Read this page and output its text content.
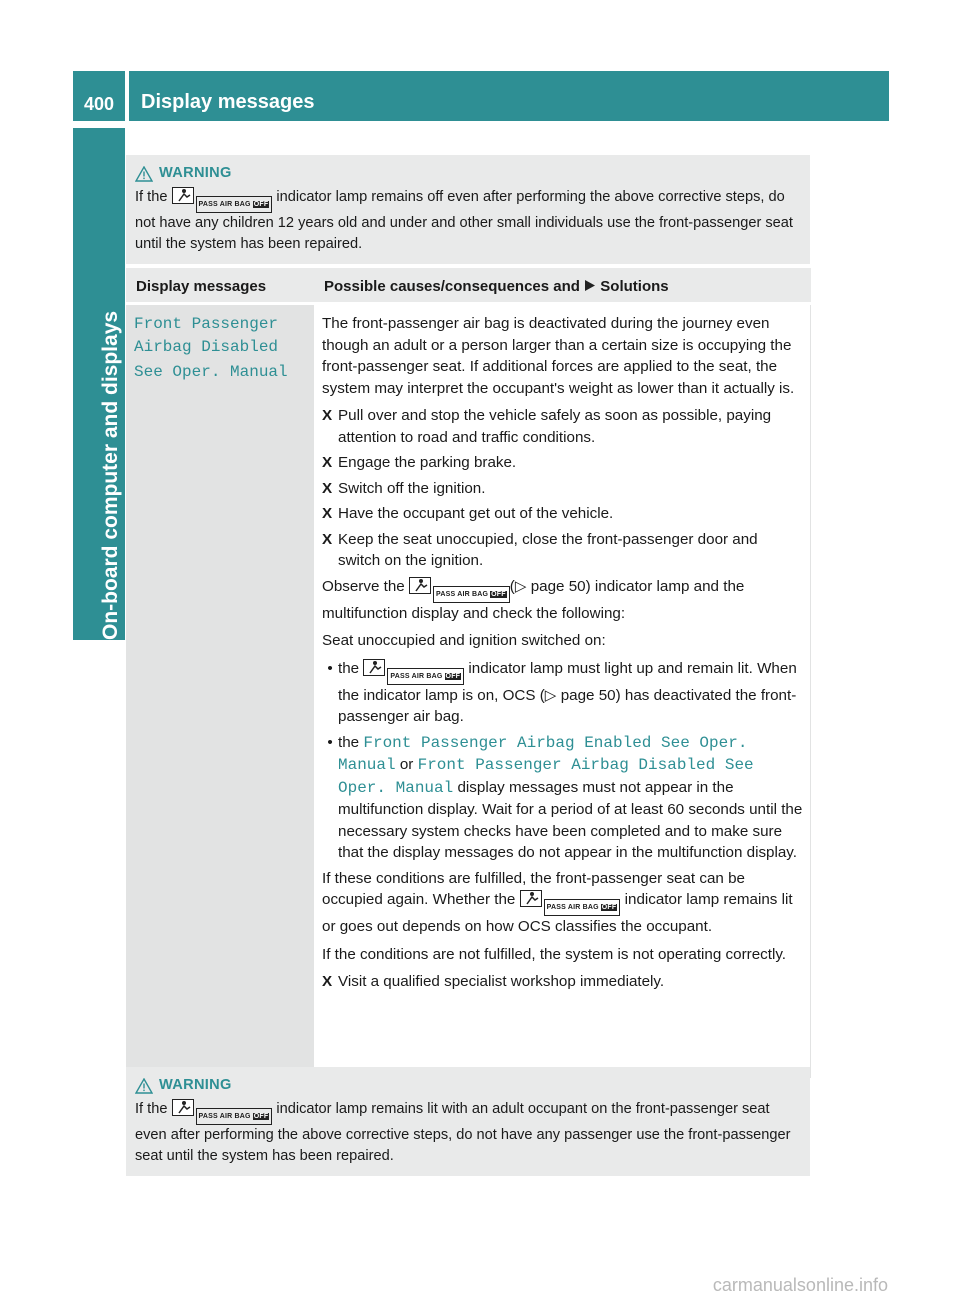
400	Display messages
On-board computer and displays
WARNING
If the	PASS AIR BAG OFF indicator lamp remains off even after performing the above corrective steps, do not have any children 12 years old and under and other small individuals use the front-passenger seat until the system has been repaired.
Display messages	Possible causes/consequences and Solutions
Front Passenger
Airbag Disabled
See Oper. Manual

The front-passenger air bag is deactivated during the journey even though an adult or a person larger than a certain size is occupying the front-passenger seat. If additional forces are applied to the seat, the system may interpret the occupant's weight as lower than it actually is.

X Pull over and stop the vehicle safely as soon as possible, paying attention to road and traffic conditions.
X Engage the parking brake.
X Switch off the ignition.
X Have the occupant get out of the vehicle.
X Keep the seat unoccupied, close the front-passenger door and switch on the ignition.

Observe the	PASS AIR BAG OFF (▷ page 50) indicator lamp and the multifunction display and check the following:

Seat unoccupied and ignition switched on:

• the	PASS AIR BAG OFF indicator lamp must light up and remain lit. When the indicator lamp is on, OCS (▷ page 50) has deactivated the front-passenger air bag.
• the Front Passenger Airbag Enabled See Oper. Manual or Front Passenger Airbag Disabled See Oper. Manual display messages must not appear in the multifunction display. Wait for a period of at least 60 seconds until the necessary system checks have been completed and to make sure that the display messages do not appear in the multifunction display.

If these conditions are fulfilled, the front-passenger seat can be occupied again. Whether the	PASS AIR BAG OFF indicator lamp remains lit or goes out depends on how OCS classifies the occupant.

If the conditions are not fulfilled, the system is not operating correctly.

X Visit a qualified specialist workshop immediately.
WARNING
If the	PASS AIR BAG OFF indicator lamp remains lit with an adult occupant on the front-passenger seat even after performing the above corrective steps, do not have any passenger use the front-passenger seat until the system has been repaired.
carmanualsonline.info
